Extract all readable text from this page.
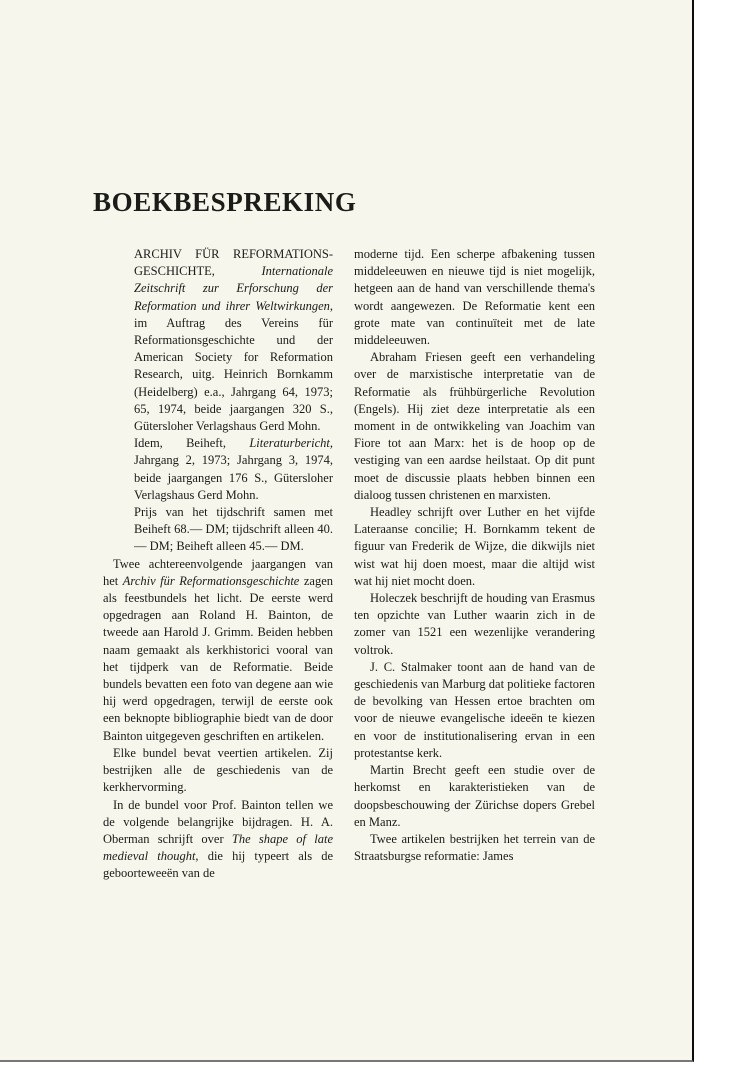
BOEKBESPREKING

ARCHIV FÜR REFORMATIONS-GESCHICHTE,	Internationale Zeitschrift zur Erforschung der Reformation und ihrer Weltwirkungen, im Auftrag des Vereins für Reformationsgeschichte und der American Society for Reformation Research, uitg. Heinrich Bornkamm (Heidelberg) e.a., Jahrgang 64, 1973; 65, 1974, beide jaargangen 320 S., Gütersloher Verlagshaus Gerd Mohn.

Idem, Beiheft, Literaturbericht, Jahrgang 2, 1973; Jahrgang 3, 1974, beide jaargangen 176 S., Gütersloher Verlagshaus Gerd Mohn.

Prijs van het tijdschrift samen met Beiheft 68.— DM; tijdschrift alleen 40.— DM; Beiheft alleen 45.— DM.

Twee achtereenvolgende jaargangen van het Archiv für Reformationsgeschichte zagen als feestbundels het licht. De eerste werd opgedragen aan Roland H. Bainton, de tweede aan Harold J. Grimm. Beiden hebben naam gemaakt als kerkhistorici vooral van het tijdperk van de Reformatie. Beide bundels bevatten een foto van degene aan wie hij werd opgedragen, terwijl de eerste ook een beknopte bibliographie biedt van de door Bainton uitgegeven geschriften en artikelen.

Elke bundel bevat veertien artikelen. Zij bestrijken alle de geschiedenis van de kerkhervorming.

In de bundel voor Prof. Bainton tellen we de volgende belangrijke bijdragen. H. A. Oberman schrijft over The shape of late medieval thought, die hij typeert als de geboorteweeën van de

moderne tijd. Een scherpe afbakening tussen middeleeuwen en nieuwe tijd is niet mogelijk, hetgeen aan de hand van verschillende thema's wordt aangewezen. De Reformatie kent een grote mate van continuïteit met de late middeleeuwen.

Abraham Friesen geeft een verhandeling over de marxistische interpretatie van de Reformatie als frühbürgerliche Revolution (Engels). Hij ziet deze interpretatie als een moment in de ontwikkeling van Joachim van Fiore tot aan Marx: het is de hoop op de vestiging van een aardse heilstaat. Op dit punt moet de discussie plaats hebben binnen een dialoog tussen christenen en marxisten.

Headley schrijft over Luther en het vijfde Lateraanse concilie; H. Bornkamm tekent de figuur van Frederik de Wijze, die dikwijls niet wist wat hij doen moest, maar die altijd wist wat hij niet mocht doen.

Holeczek beschrijft de houding van Erasmus ten opzichte van Luther waarin zich in de zomer van 1521 een wezenlijke verandering voltrok.

J. C. Stalmaker toont aan de hand van de geschiedenis van Marburg dat politieke factoren de bevolking van Hessen ertoe brachten om voor de nieuwe evangelische ideeën te kiezen en voor de institutionalisering ervan in een protestantse kerk.

Martin Brecht geeft een studie over de herkomst en karakteristieken van de doopsbeschouwing der Zürichse dopers Grebel en Manz.

Twee artikelen bestrijken het terrein van de Straatsburgse reformatie: James
